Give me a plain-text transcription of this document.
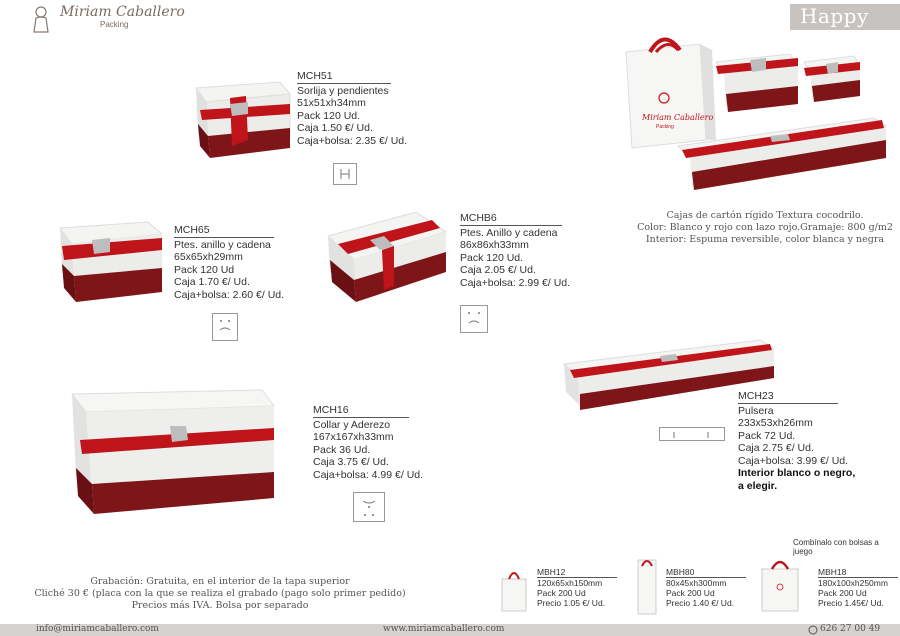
Miriam Caballero
Packing	Happy
Miriam Caballero
Packing
MCH51
Sorlija y pendientes
51x51xh34mm
Pack 120 Ud.
Caja 1.50 €/ Ud.
Caja+bolsa: 2.35 €/ Ud.
MCH65
Ptes. anillo y cadena
65x65xh29mm
Pack 120 Ud
Caja 1.70 €/ Ud.
Caja+bolsa: 2.60 €/ Ud.
MCHB6
Ptes. Anillo y cadena
86x86xh33mm
Pack 120 Ud.
Caja 2.05 €/ Ud.
Caja+bolsa: 2.99 €/ Ud.
MCH16
Collar y Aderezo
167x167xh33mm
Pack 36 Ud.
Caja 3.75 €/ Ud.
Caja+bolsa: 4.99 €/ Ud.
MCH23
Pulsera
233x53xh26mm
Pack 72 Ud.
Caja 2.75 €/ Ud.
Caja+bolsa: 3.99 €/ Ud.
Interior blanco o negro,
a elegir.
Cajas de cartón rígido Textura cocodrilo.
Color: Blanco y rojo con lazo rojo.Gramaje: 800 g/m2
Interior: Espuma reversible, color blanca y negra
Grabación: Gratuita, en el interior de la tapa superior
Cliché 30 € (placa con la que se realiza el grabado (pago solo primer pedido)
Precios más IVA. Bolsa por separado
Combínalo con bolsas a juego
MBH12
120x65xh150mm
Pack 200 Ud
Precio 1.05 €/ Ud.
MBH80
80x45xh300mm
Pack 200 Ud
Precio 1.40 €/ Ud.
MBH18
180x100xh250mm
Pack 200 Ud
Precio 1.45€/ Ud.
info@miriamcaballero.com	www.miriamcaballero.com	626 27 00 49
